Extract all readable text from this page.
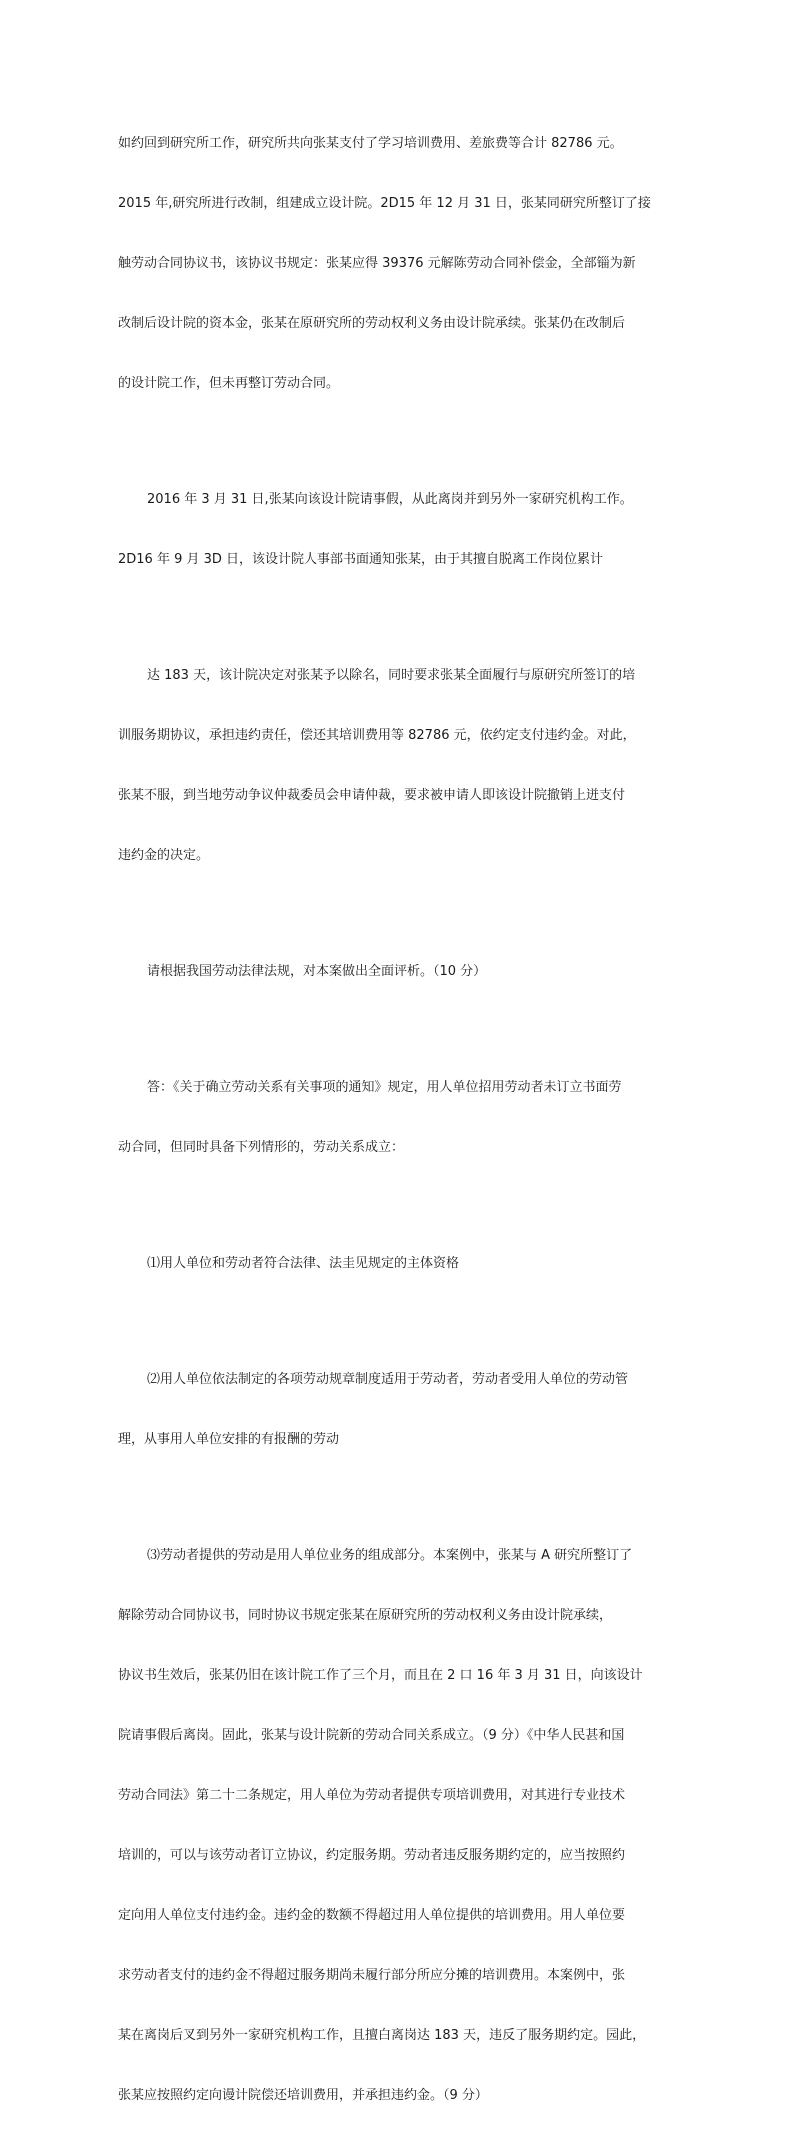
如约回到研究所工作，研究所共向张某支付了学习培训费用、差旅费等合计 82786 元。

2015 年,研究所进行改制，组建成立设计院。2D15 年 12 月 31 日，张某同研究所整订了接

触劳动合同协议书，该协议书规定：张某应得 39376 元解陈劳动合同补偿金，全部锱为新

改制后设计院的资本金，张某在原研究所的劳动权利义务由设计院承续。张某仍在改制后

的设计院工作，但未再整订劳动合同。

2016 年 3 月 31 日,张某向该设计院请事假，从此离岗并到另外一家研究机构工作。

2D16 年 9 月 3D 日，该设计院人事部书面通知张某，由于其擅自脱离工作岗位累计

达 183 天，该计院决定对张某予以除名，同时要求张某全面履行与原研究所签订的培

训服务期协议，承担违约责任，偿还其培训费用等 82786 元，依约定支付违约金。对此，

张某不服，到当地劳动争议仲裁委员会申请仲裁，要求被申请人即该设计院撤销上迸支付

违约金的决定。

请根据我国劳动法律法规，对本案做出全面评析。（10 分）

答：《关于确立劳动关系有关事项的通知》规定，用人单位招用劳动者未订立书面劳

动合同，但同时具备下列情形的，劳动关系成立：

⑴用人单位和劳动者符合法律、法圭见规定的主体资格

⑵用人单位依法制定的各项劳动规章制度适用于劳动者，劳动者受用人单位的劳动管

理，从事用人单位安排的有报酬的劳动

⑶劳动者提供的劳动是用人单位业务的组成部分。本案例中，张某与 A 研究所整订了

解除劳动合同协议书，同时协议书规定张某在原研究所的劳动权利义务由设计院承续，

协议书生效后，张某仍旧在该计院工作了三个月，而且在 2 口 16 年 3 月 31 日，向该设计

院请事假后离岗。固此，张某与设计院新的劳动合同关系成立。（9 分）《中华人民甚和国

劳动合同法》第二十二条规定，用人单位为劳动者提供专项培训费用，对其进行专业技术

培训的，可以与该劳动者订立协议，约定服务期。劳动者违反服务期约定的，应当按照约

定向用人单位支付违约金。违约金的数额不得超过用人单位提供的培训费用。用人单位要

求劳动者支付的违约金不得超过服务期尚未履行部分所应分摊的培训费用。本案例中，张

某在离岗后叉到另外一家研究机构工作，且擅白离岗达 183 天，违反了服务期约定。园此，

张某应按照约定向谩计院偿还培训费用，并承担违约金。（9 分）
